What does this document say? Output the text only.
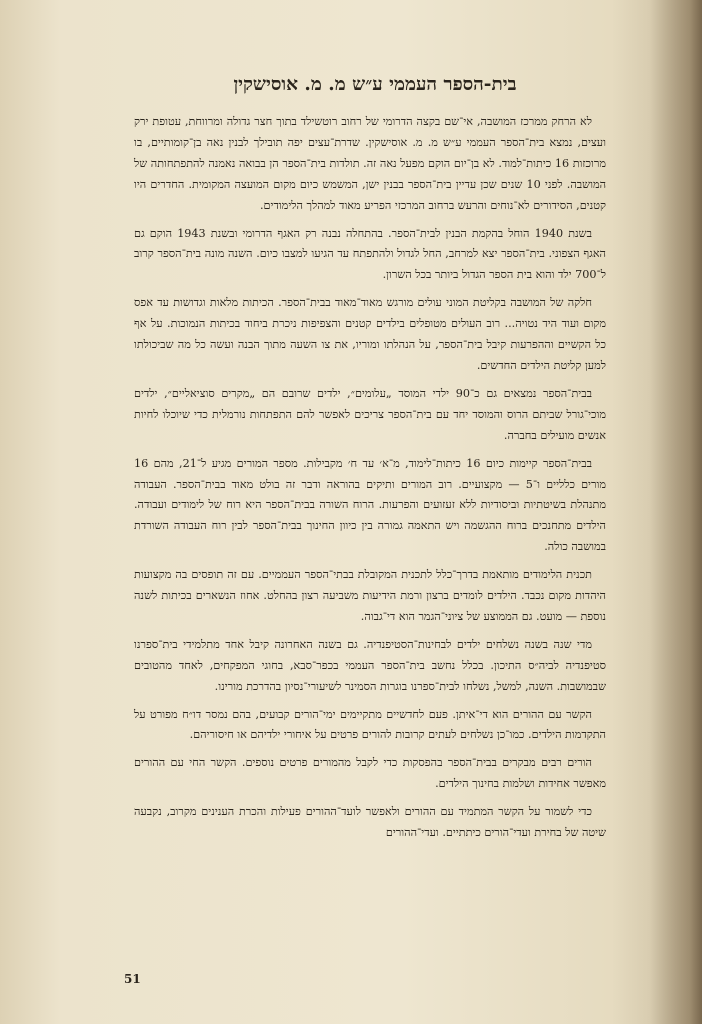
בית-הספר העממי ע״ש מ. מ. אוסישקין

לא הרחק ממרכז המושבה, אי־שם בקצה הדרומי של רחוב רוטשילד בתוך חצר גדולה ומרווחת, עטופת ירק ועצים, נמצא בית־הספר העממי ע״ש מ. מ. אוסישקין. שדרת־עצים יפה תובילך לבנין נאה בן־קומותיים, בו מרוכזות 16 כיתות־למוד. לא בן־יום הוקם מפעל נאה זה. תולדות בית־הספר הן בבואה נאמנה להתפתחותה של המושבה. לפני 10 שנים שכן עדיין בית־הספר בבנין ישן, המשמש כיום מקום המועצה המקומית. החדרים היו קטנים, הסידורים לא־נוחים והרעש ברחוב המרכזי הפריע מאוד למהלך הלימודים.

בשנת 1940 הוחל בהקמת הבנין לבית־הספר. בהתחלה נבנה רק האגף הדרומי ובשנת 1943 הוקם גם האגף הצפוני. בית־הספר יצא למרחב, החל לגדול ולהתפתח עד הגיעו למצבו כיום. השנה מונה בית־הספר קרוב ל־700 ילד והוא בית הספר הגדול ביותר בכל השרון.

חלקה של המושבה בקליטת המוני עולים מורגש מאוד־מאוד בבית־הספר. הכיתות מלאות וגדושות עד אפס מקום ועוד היד נטויה... רוב העולים מטופלים בילדים קטנים והצפיפות ניכרת ביחוד בכיתות הנמוכות. על אף כל הקשיים וההפרעות קיבל בית־הספר, על הנהלתו ומוריו, את צו השעה מתוך הבנה ועשה כל מה שביכולתו למען קליטת הילדים החדשים.

בבית־הספר נמצאים גם כ־90 ילדי המוסד „עלומים״, ילדים שרובם הם „מקרים סוציאליים״, ילדים מוכי־גורל שביתם הרוס והמוסד יחד עם בית־הספר צריכים לאפשר להם התפתחות נורמלית כדי שיוכלו לחיות אנשים מועילים בחברה.

בבית־הספר קיימות כיום 16 כיתות־לימוד, מ־א׳ עד ח׳ מקבילות. מספר המורים מגיע ל־21, מהם 16 מורים כלליים ו־5 — מקצועיים. רוב המורים ותיקים בהוראה ודבר זה בולט מאוד בבית־הספר. העבודה מתנהלת בשיטתיות וביסודיות ללא זעזועים והפרעות. הרוח השורה בבית־הספר היא רוח של לימודים ועבודה. הילדים מתחנכים ברוח ההגשמה ויש התאמה גמורה בין כיוון החינוך בבית־הספר לבין רוח העבודה השורדת במושבה כולה.

תכנית הלימודים מותאמת בדרך־כלל לתכנית המקובלת בבתי־הספר העממיים. עם זה תופסים בה מקצועות היהדות מקום נכבד. הילדים לומדים ברצון ורמת הידיעות משביעה רצון בהחלט. אחוז הנשארים בכיתות לשנה נוספת — מועט. גם הממוצע של ציוני־הגמר הוא די־גבוה.

מדי שנה בשנה נשלחים ילדים לבחינות־הסטיפנדיה. גם בשנה האחרונה קיבל אחד מתלמידי בית־ספרנו סטיפנדיה לביה״ס התיכון. בכלל נחשב בית־הספר העממי בכפר־סבא, בחוגי המפקחים, לאחד מהטובים שבמושבות. השנה, למשל, נשלחו לבית־ספרנו בוגרות הסמינר לשיעורי־נסיון בהדרכת מורינו.

הקשר עם ההורים הוא די־איתן. פעם לחדשיים מתקיימים ימי־הורים קבועים, בהם נמסר דו״ח מפורט על התקדמות הילדים. כמו־כן נשלחים לעתים קרובות להורים פרטים על איחורי ילדיהם או חיסוריהם.

הורים רבים מבקרים בבית־הספר בהפסקות כדי לקבל מהמורים פרטים נוספים. הקשר החי עם ההורים מאפשר אחידות ושלמות בחינוך הילדים.

כדי לשמור על הקשר המתמיד עם ההורים ולאפשר לועד־ההורים פעילות והכרת הענינים מקרוב, נקבעה שיטה של בחירת ועדי־הורים כיתתיים. ועדי־ההורים

51
